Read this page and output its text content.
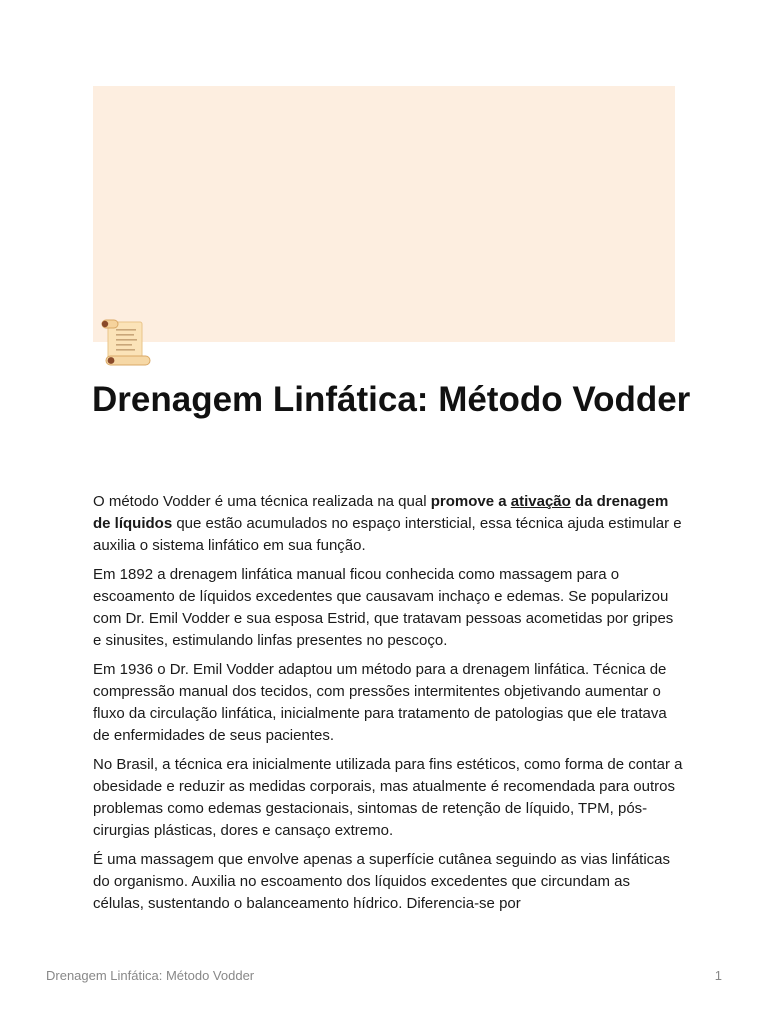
Drenagem Linfática: Método Vodder

O método Vodder é uma técnica realizada na qual promove a ativação da drenagem de líquidos que estão acumulados no espaço intersticial, essa técnica ajuda estimular e auxilia o sistema linfático em sua função.

Em 1892 a drenagem linfática manual ficou conhecida como massagem para o escoamento de líquidos excedentes que causavam inchaço e edemas. Se popularizou com Dr. Emil Vodder e sua esposa Estrid, que tratavam pessoas acometidas por gripes e sinusites, estimulando linfas presentes no pescoço.

Em 1936 o Dr. Emil Vodder adaptou um método para a drenagem linfática. Técnica de compressão manual dos tecidos, com pressões intermitentes objetivando aumentar o fluxo da circulação linfática, inicialmente para tratamento de patologias que ele tratava de enfermidades de seus pacientes.

No Brasil, a técnica era inicialmente utilizada para fins estéticos, como forma de contar a obesidade e reduzir as medidas corporais, mas atualmente é recomendada para outros problemas como edemas gestacionais, sintomas de retenção de líquido, TPM, pós-cirurgias plásticas, dores e cansaço extremo.

É uma massagem que envolve apenas a superfície cutânea seguindo as vias linfáticas do organismo. Auxilia no escoamento dos líquidos excedentes que circundam as células, sustentando o balanceamento hídrico. Diferencia-se por

Drenagem Linfática: Método Vodder	1
